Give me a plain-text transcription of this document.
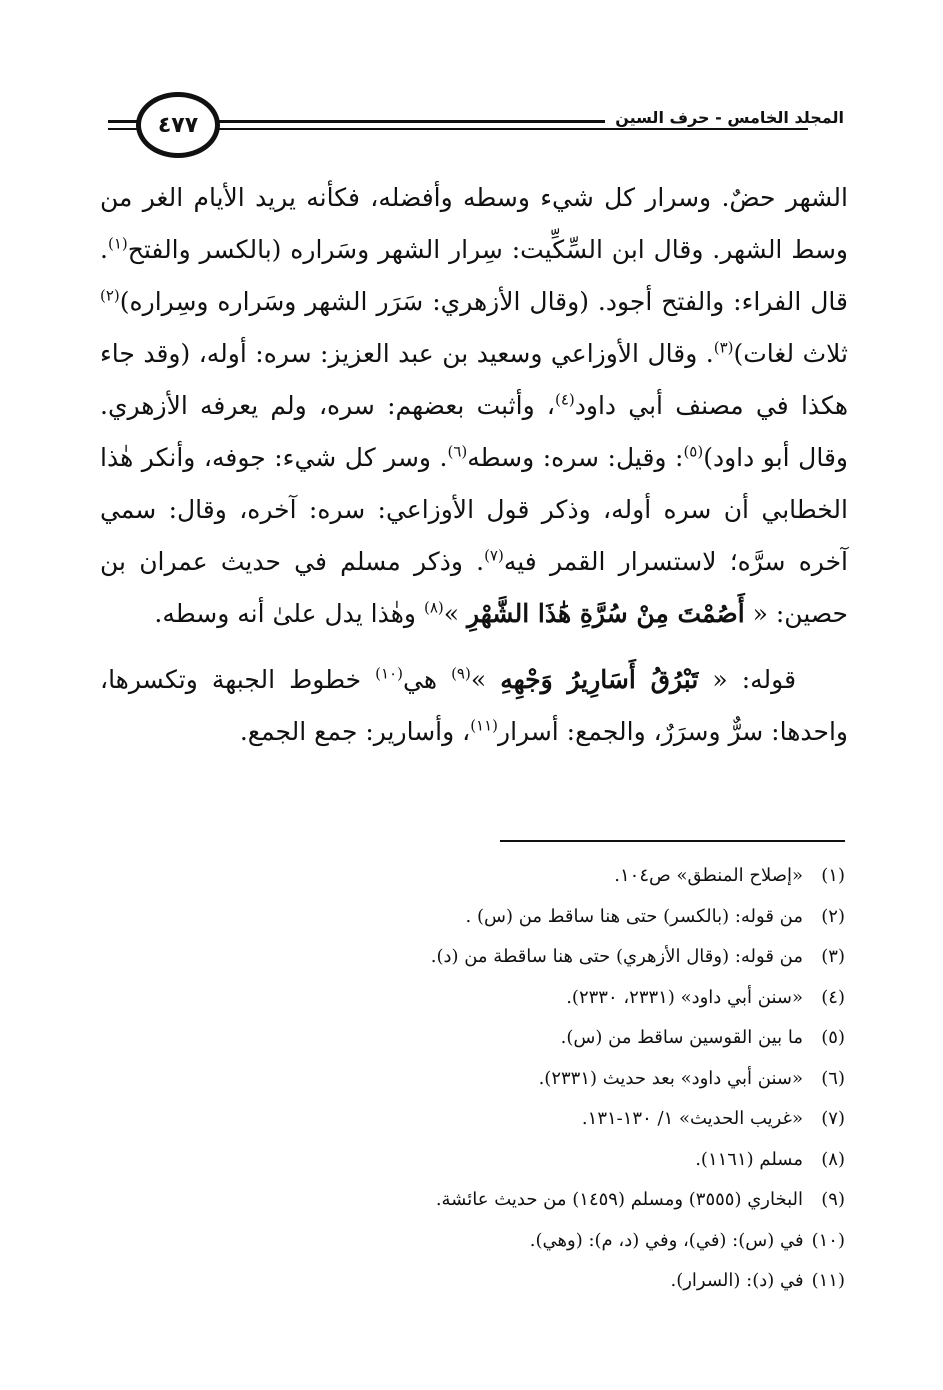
المجلد الخامس - حرف السين
٤٧٧

الشهر حضٌ. وسرار كل شيء وسطه وأفضله، فكأنه يريد الأيام الغر من وسط الشهر. وقال ابن السِّكِّيت: سِرار الشهر وسَراره (بالكسر والفتح$^{(١)}$. قال الفراء: والفتح أجود. (وقال الأزهري: سَرَر الشهر وسَراره وسِراره)$^{(٢)}$ ثلاث لغات)$^{(٣)}$. وقال الأوزاعي وسعيد بن عبد العزيز: سره: أوله، (وقد جاء هكذا في مصنف أبي داود$^{(٤)}$، وأثبت بعضهم: سره، ولم يعرفه الأزهري. وقال أبو داود)$^{(٥)}$: وقيل: سره: وسطه$^{(٦)}$. وسر كل شيء: جوفه، وأنكر هٰذا الخطابي أن سره أوله، وذكر قول الأوزاعي: سره: آخره، وقال: سمي آخره سرَّه؛ لاستسرار القمر فيه$^{(٧)}$. وذكر مسلم في حديث عمران بن حصين: « أَصُمْتَ مِنْ سُرَّةِ هَٰذَا الشَّهْرِ »$^{(٨)}$ وهٰذا يدل علىٰ أنه وسطه.

قوله: « تَبْرُقُ أَسَارِيرُ وَجْهِهِ »$^{(٩)}$ هي$^{(١٠)}$ خطوط الجبهة وتكسرها، واحدها: سرٌّ وسرَرٌ، والجمع: أسرار$^{(١١)}$، وأسارير: جمع الجمع.

(١)«إصلاح المنطق» ص١٠٤.
(٢)من قوله: (بالكسر) حتى هنا ساقط من (س) .
(٣)من قوله: (وقال الأزهري) حتى هنا ساقطة من (د).
(٤)«سنن أبي داود» (٢٣٣١، ٢٣٣٠).
(٥)ما بين القوسين ساقط من (س).
(٦)«سنن أبي داود» بعد حديث (٢٣٣١).
(٧)«غريب الحديث» ١/ ١٣٠-١٣١.
(٨)مسلم (١١٦١).
(٩)البخاري (٣٥٥٥) ومسلم (١٤٥٩) من حديث عائشة.
(١٠)في (س): (في)، وفي (د، م): (وهي).
(١١)في (د): (السرار).
